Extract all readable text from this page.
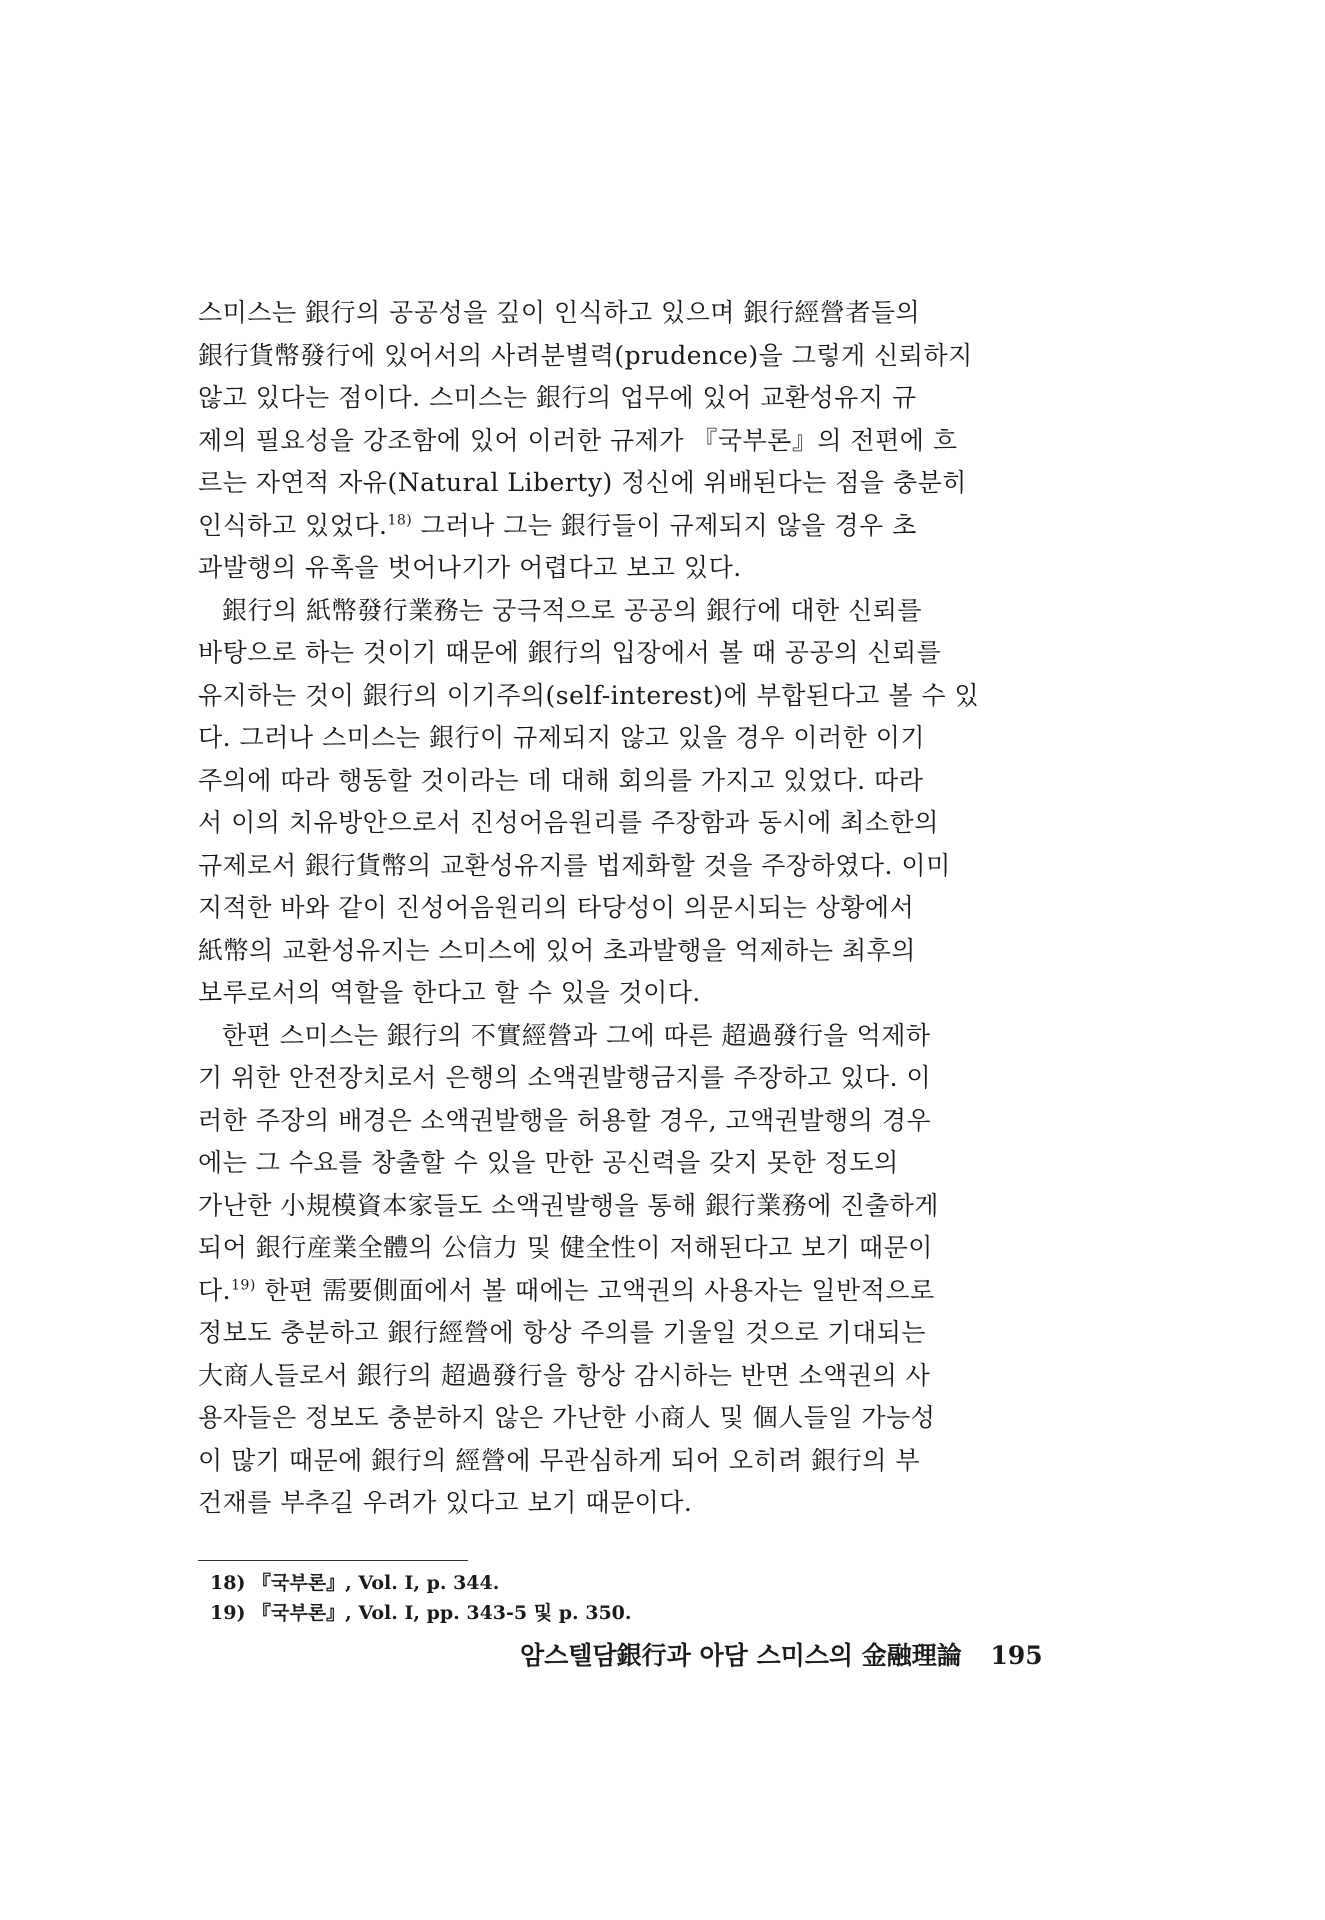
스미스는 銀行의 공공성을 깊이 인식하고 있으며 銀行經營者들의
銀行貨幣發行에 있어서의 사려분별력(prudence)을 그렇게 신뢰하지
않고 있다는 점이다. 스미스는 銀行의 업무에 있어 교환성유지 규
제의 필요성을 강조함에 있어 이러한 규제가 『국부론』의 전편에 흐
르는 자연적 자유(Natural Liberty) 정신에 위배된다는 점을 충분히
인식하고 있었다.$^{18)}$ 그러나 그는 銀行들이 규제되지 않을 경우 초
과발행의 유혹을 벗어나기가 어렵다고 보고 있다.
銀行의 紙幣發行業務는 궁극적으로 공공의 銀行에 대한 신뢰를
바탕으로 하는 것이기 때문에 銀行의 입장에서 볼 때 공공의 신뢰를
유지하는 것이 銀行의 이기주의(self-interest)에 부합된다고 볼 수 있
다. 그러나 스미스는 銀行이 규제되지 않고 있을 경우 이러한 이기
주의에 따라 행동할 것이라는 데 대해 회의를 가지고 있었다. 따라
서 이의 치유방안으로서 진성어음원리를 주장함과 동시에 최소한의
규제로서 銀行貨幣의 교환성유지를 법제화할 것을 주장하였다. 이미
지적한 바와 같이 진성어음원리의 타당성이 의문시되는 상황에서
紙幣의 교환성유지는 스미스에 있어 초과발행을 억제하는 최후의
보루로서의 역할을 한다고 할 수 있을 것이다.
한편 스미스는 銀行의 不實經營과 그에 따른 超過發行을 억제하
기 위한 안전장치로서 은행의 소액권발행금지를 주장하고 있다. 이
러한 주장의 배경은 소액권발행을 허용할 경우, 고액권발행의 경우
에는 그 수요를 창출할 수 있을 만한 공신력을 갖지 못한 정도의
가난한 小規模資本家들도 소액권발행을 통해 銀行業務에 진출하게
되어 銀行産業全體의 公信力 및 健全性이 저해된다고 보기 때문이
다.$^{19)}$ 한편 需要側面에서 볼 때에는 고액권의 사용자는 일반적으로
정보도 충분하고 銀行經營에 항상 주의를 기울일 것으로 기대되는
大商人들로서 銀行의 超過發行을 항상 감시하는 반면 소액권의 사
용자들은 정보도 충분하지 않은 가난한 小商人 및 個人들일 가능성
이 많기 때문에 銀行의 經營에 무관심하게 되어 오히려 銀行의 부
건재를 부추길 우려가 있다고 보기 때문이다.
18) 『국부론』, Vol. I, p. 344.
19) 『국부론』, Vol. I, pp. 343-5 및 p. 350.
암스텔담銀行과 아담 스미스의 金融理論 195
